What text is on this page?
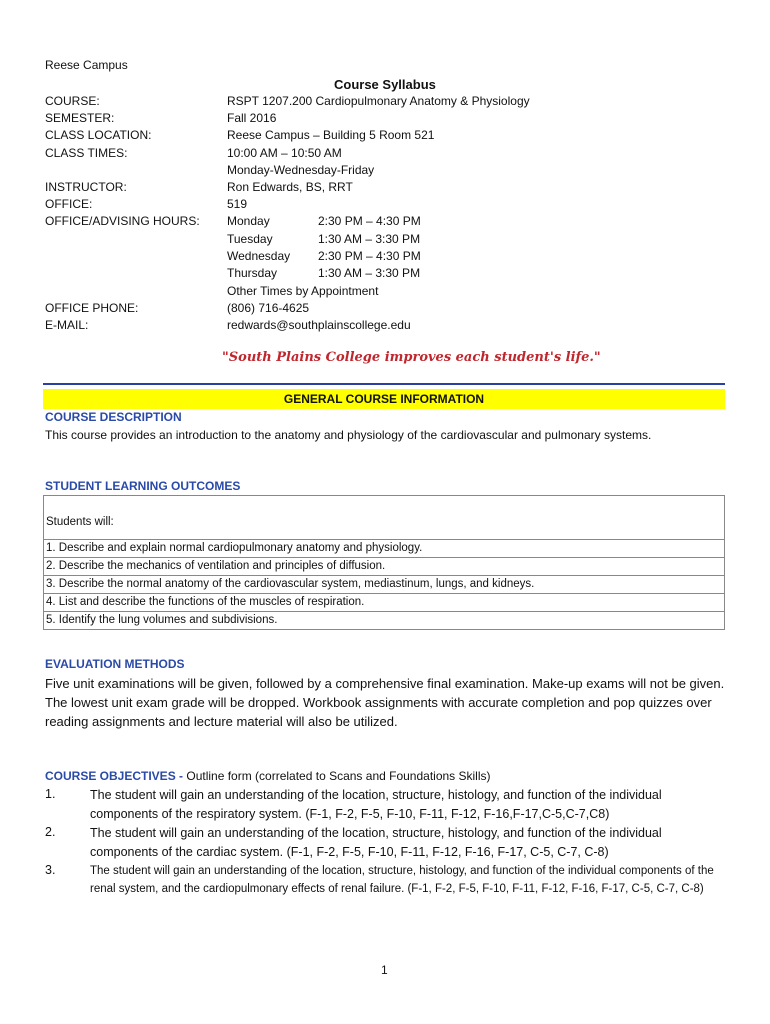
Reese Campus
Course Syllabus
COURSE:	RSPT 1207.200 Cardiopulmonary Anatomy & Physiology
SEMESTER:	Fall 2016
CLASS LOCATION:	Reese Campus – Building 5 Room 521
CLASS TIMES:	10:00 AM – 10:50 AM
Monday-Wednesday-Friday
INSTRUCTOR:	Ron Edwards, BS, RRT
OFFICE:	519
OFFICE/ADVISING HOURS: Monday	2:30 PM – 4:30 PM
Tuesday	1:30 AM – 3:30 PM
Wednesday 2:30 PM – 4:30 PM
Thursday	1:30 AM – 3:30 PM
Other Times by Appointment
OFFICE PHONE:	(806) 716-4625
E-MAIL:	redwards@southplainscollege.edu
"South Plains College improves each student's life."
GENERAL COURSE INFORMATION
COURSE DESCRIPTION
This course provides an introduction to the anatomy and physiology of the cardiovascular and pulmonary systems.
STUDENT LEARNING OUTCOMES
Students will:
1. Describe and explain normal cardiopulmonary anatomy and physiology.
2. Describe the mechanics of ventilation and principles of diffusion.
3. Describe the normal anatomy of the cardiovascular system, mediastinum, lungs, and kidneys.
4. List and describe the functions of the muscles of respiration.
5. Identify the lung volumes and subdivisions.
EVALUATION METHODS
Five unit examinations will be given, followed by a comprehensive final examination. Make-up exams will not be given. The lowest unit exam grade will be dropped. Workbook assignments with accurate completion and pop quizzes over reading assignments and lecture material will also be utilized.
COURSE OBJECTIVES - Outline form (correlated to Scans and Foundations Skills)
1.	The student will gain an understanding of the location, structure, histology, and function of the individual components of the respiratory system. (F-1, F-2, F-5, F-10, F-11, F-12, F-16,F-17,C-5,C-7,C8)
2.	The student will gain an understanding of the location, structure, histology, and function of the individual components of the cardiac system. (F-1, F-2, F-5, F-10, F-11, F-12, F-16, F-17, C-5, C-7, C-8)
3.	The student will gain an understanding of the location, structure, histology, and function of the individual components of the renal system, and the cardiopulmonary effects of renal failure. (F-1, F-2, F-5, F-10, F-11, F-12, F-16, F-17, C-5, C-7, C-8)
1
